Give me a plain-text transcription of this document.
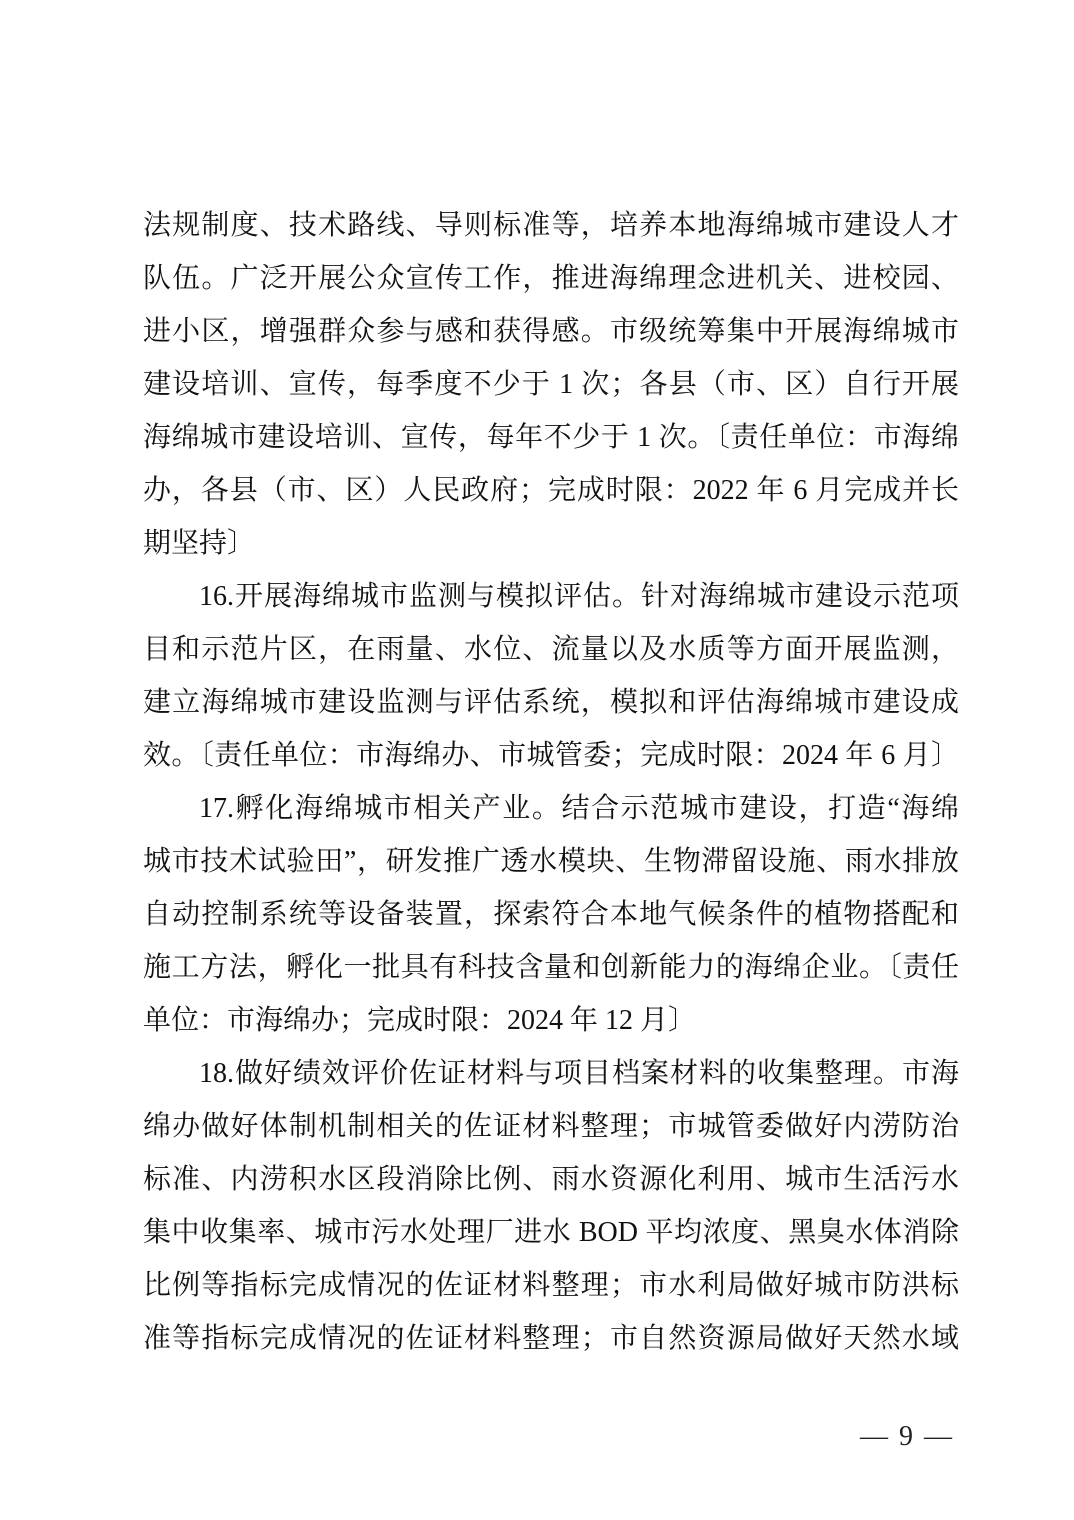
法规制度、技术路线、导则标准等，培养本地海绵城市建设人才
队伍。广泛开展公众宣传工作，推进海绵理念进机关、进校园、
进小区，增强群众参与感和获得感。市级统筹集中开展海绵城市
建设培训、宣传，每季度不少于 1 次；各县（市、区）自行开展
海绵城市建设培训、宣传，每年不少于 1 次。〔责任单位：市海绵
办，各县（市、区）人民政府；完成时限：2022 年 6 月完成并长
期坚持〕

16.开展海绵城市监测与模拟评估。针对海绵城市建设示范项
目和示范片区，在雨量、水位、流量以及水质等方面开展监测，
建立海绵城市建设监测与评估系统，模拟和评估海绵城市建设成
效。〔责任单位：市海绵办、市城管委；完成时限：2024 年 6 月〕

17.孵化海绵城市相关产业。结合示范城市建设，打造“海绵
城市技术试验田”，研发推广透水模块、生物滞留设施、雨水排放
自动控制系统等设备装置，探索符合本地气候条件的植物搭配和
施工方法，孵化一批具有科技含量和创新能力的海绵企业。〔责任
单位：市海绵办；完成时限：2024 年 12 月〕

18.做好绩效评价佐证材料与项目档案材料的收集整理。市海
绵办做好体制机制相关的佐证材料整理；市城管委做好内涝防治
标准、内涝积水区段消除比例、雨水资源化利用、城市生活污水
集中收集率、城市污水处理厂进水 BOD 平均浓度、黑臭水体消除
比例等指标完成情况的佐证材料整理；市水利局做好城市防洪标
准等指标完成情况的佐证材料整理；市自然资源局做好天然水域

— 9 —
